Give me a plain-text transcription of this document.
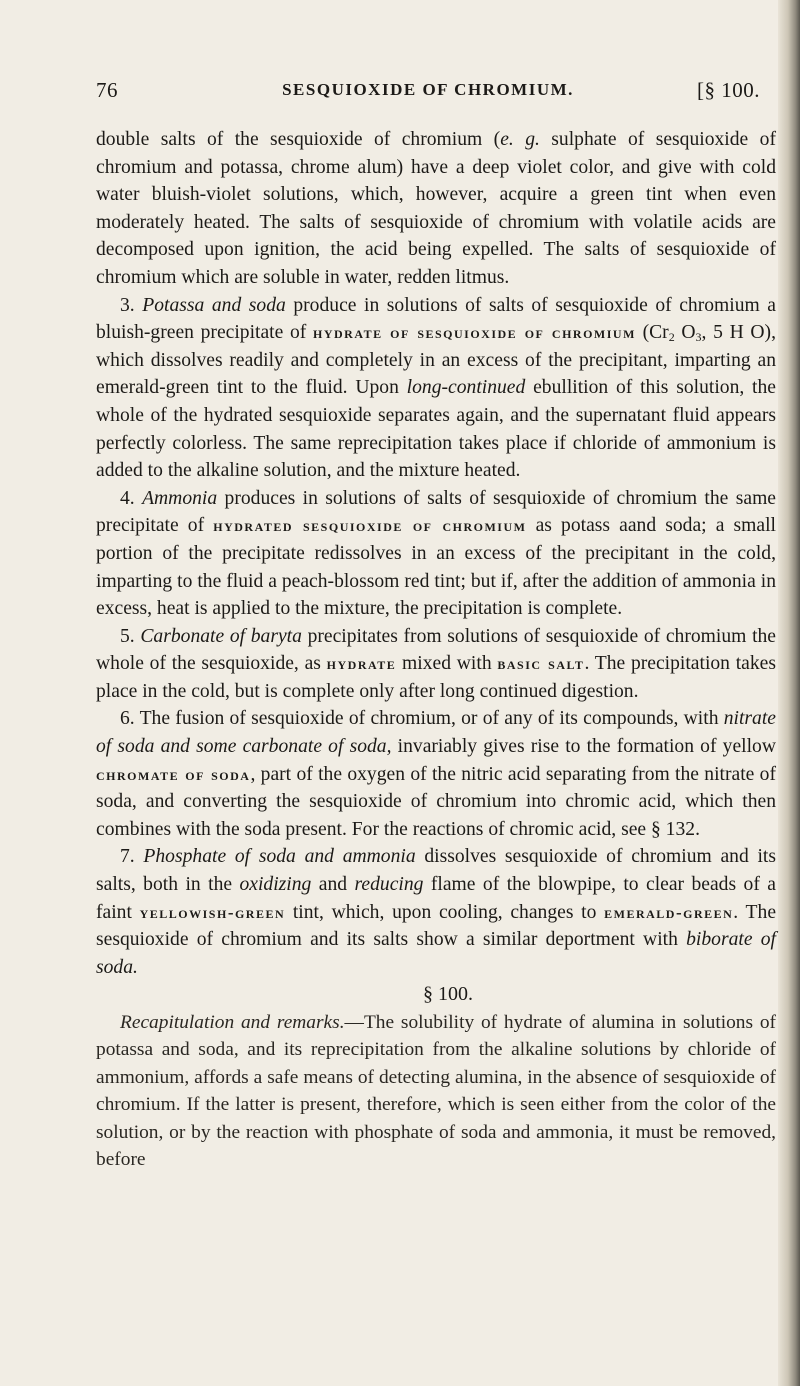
76	SESQUIOXIDE OF CHROMIUM.	[§ 100.

double salts of the sesquioxide of chromium (e. g. sulphate of sesquioxide of chromium and potassa, chrome alum) have a deep violet color, and give with cold water bluish-violet solutions, which, however, acquire a green tint when even moderately heated. The salts of sesquioxide of chromium with volatile acids are decomposed upon ignition, the acid being expelled. The salts of sesquioxide of chromium which are soluble in water, redden litmus.

3. Potassa and soda produce in solutions of salts of sesquioxide of chromium a bluish-green precipitate of hydrate of sesquioxide of chromium ($Cr_2$ $O_3$, 5 H O), which dissolves readily and completely in an excess of the precipitant, imparting an emerald-green tint to the fluid. Upon long-continued ebullition of this solution, the whole of the hydrated sesquioxide separates again, and the supernatant fluid appears perfectly colorless. The same reprecipitation takes place if chloride of ammonium is added to the alkaline solution, and the mixture heated.

4. Ammonia produces in solutions of salts of sesquioxide of chromium the same precipitate of hydrated sesquioxide of chromium as potass aand soda; a small portion of the precipitate redissolves in an excess of the precipitant in the cold, imparting to the fluid a peach-blossom red tint; but if, after the addition of ammonia in excess, heat is applied to the mixture, the precipitation is complete.

5. Carbonate of baryta precipitates from solutions of sesquioxide of chromium the whole of the sesquioxide, as hydrate mixed with basic salt. The precipitation takes place in the cold, but is complete only after long continued digestion.

6. The fusion of sesquioxide of chromium, or of any of its compounds, with nitrate of soda and some carbonate of soda, invariably gives rise to the formation of yellow chromate of soda, part of the oxygen of the nitric acid separating from the nitrate of soda, and converting the sesquioxide of chromium into chromic acid, which then combines with the soda present. For the reactions of chromic acid, see § 132.

7. Phosphate of soda and ammonia dissolves sesquioxide of chromium and its salts, both in the oxidizing and reducing flame of the blowpipe, to clear beads of a faint yellowish-green tint, which, upon cooling, changes to emerald-green. The sesquioxide of chromium and its salts show a similar deportment with biborate of soda.

§ 100.

Recapitulation and remarks.—The solubility of hydrate of alumina in solutions of potassa and soda, and its reprecipitation from the alkaline solutions by chloride of ammonium, affords a safe means of detecting alumina, in the absence of sesquioxide of chromium. If the latter is present, therefore, which is seen either from the color of the solution, or by the reaction with phosphate of soda and ammonia, it must be removed, before
